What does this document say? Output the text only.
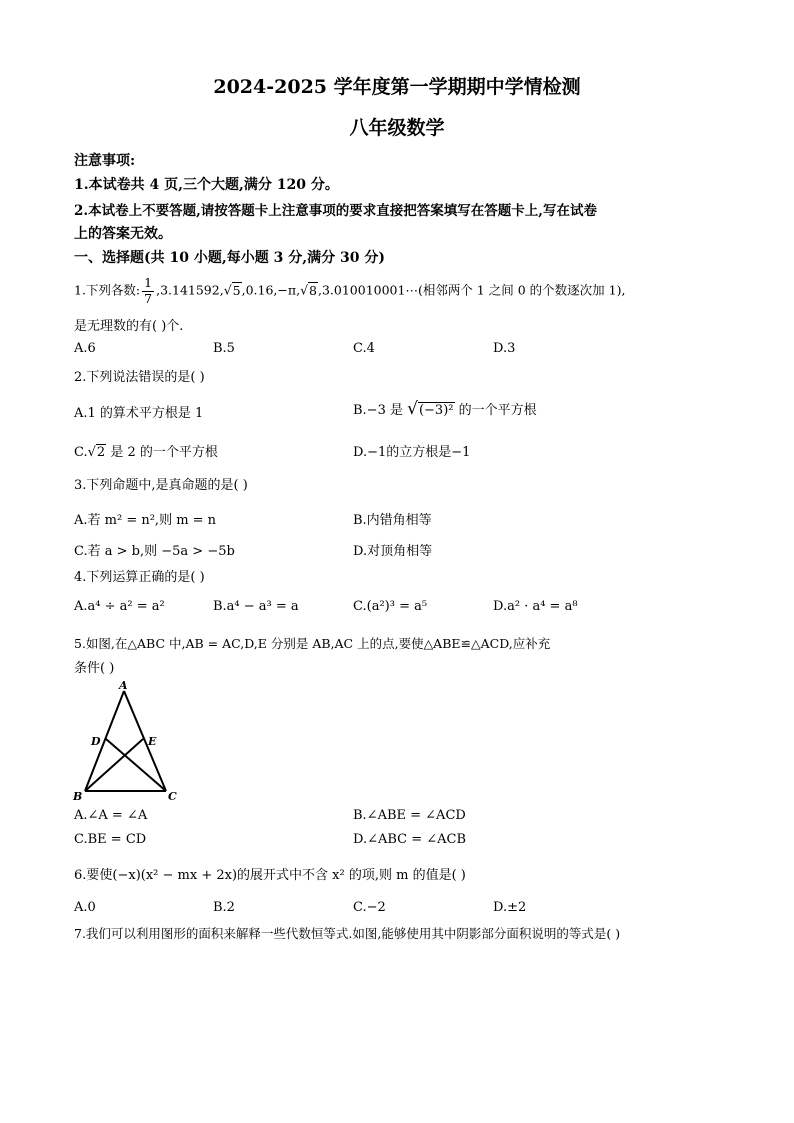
2024-2025 学年度第一学期期中学情检测
八年级数学
注意事项:
1.本试卷共 4 页,三个大题,满分 120 分。
2.本试卷上不要答题,请按答题卡上注意事项的要求直接把答案填写在答题卡上,写在试卷
上的答案无效。
一、选择题(共 10 小题,每小题 3 分,满分 30 分)
1.下列各数: $\frac{1}{7}$ ,3.141592,√5,0.16,−π,√8,3.010010001⋯(相邻两个 1 之间 0 的个数逐次加 1),
是无理数的有( )个.
A.6	B.5	C.4	D.3
2.下列说法错误的是( )
A.1 的算术平方根是 1	B.−3 是 √(−3)² 的一个平方根
C.√2 是 2 的一个平方根	D.−1的立方根是−1
3.下列命题中,是真命题的是( )
A.若 m² = n²,则 m = n	B.内错角相等
C.若 a > b,则 −5a > −5b	D.对顶角相等
4.下列运算正确的是( )
A.a⁴ ÷ a² = a²	B.a⁴ − a³ = a	C.(a²)³ = a⁵	D.a² · a⁴ = a⁸
5.如图,在△ABC 中,AB = AC,D,E 分别是 AB,AC 上的点,要使△ABE≌△ACD,应补充
条件( )
A
D	E
B	C
A.∠A = ∠A	B.∠ABE = ∠ACD
C.BE = CD	D.∠ABC = ∠ACB
6.要使(−x)(x² − mx + 2x)的展开式中不含 x² 的项,则 m 的值是( )
A.0	B.2	C.−2	D.±2
7.我们可以利用图形的面积来解释一些代数恒等式.如图,能够使用其中阴影部分面积说明的等式是( )
